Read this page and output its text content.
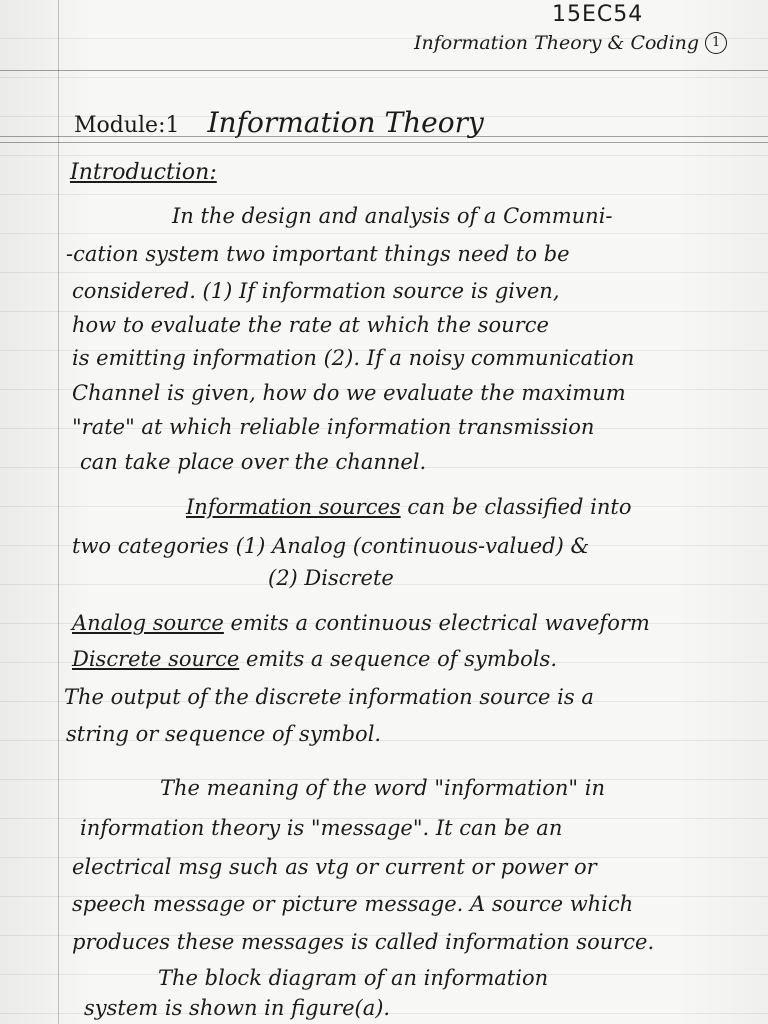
15EC54
Information Theory & Coding 1
Module:1 Information Theory
Introduction:
In the design and analysis of a Communi-
-cation system two important things need to be
considered. (1) If information source is given,
how to evaluate the rate at which the source
is emitting information (2). If a noisy communication
Channel is given, how do we evaluate the maximum
"rate" at which reliable information transmission
can take place over the channel.
Information sources can be classified into
two categories (1) Analog (continuous-valued) &
(2) Discrete
Analog source emits a continuous electrical waveform
Discrete source emits a sequence of symbols.
The output of the discrete information source is a
string or sequence of symbol.
The meaning of the word "information" in
information theory is "message". It can be an
electrical msg such as vtg or current or power or
speech message or picture message. A source which
produces these messages is called information source.
The block diagram of an information
system is shown in figure(a).
